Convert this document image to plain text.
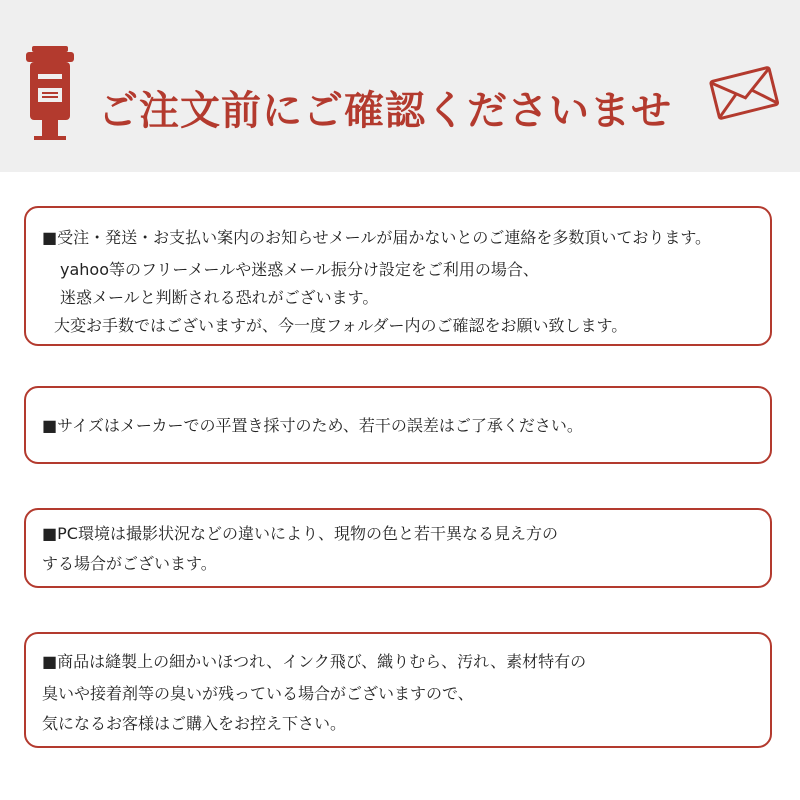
ご注文前にご確認くださいませ
■受注・発送・お支払い案内のお知らせメールが届かないとのご連絡を多数頂いております。
yahoo等のフリーメールや迷惑メール振分け設定をご利用の場合、
迷惑メールと判断される恐れがございます。
大変お手数ではございますが、今一度フォルダー内のご確認をお願い致します。
■サイズはメーカーでの平置き採寸のため、若干の誤差はご了承ください。
■PC環境は撮影状況などの違いにより、現物の色と若干異なる見え方の
する場合がございます。
■商品は縫製上の細かいほつれ、インク飛び、織りむら、汚れ、素材特有の
臭いや接着剤等の臭いが残っている場合がございますので、
気になるお客様はご購入をお控え下さい。
